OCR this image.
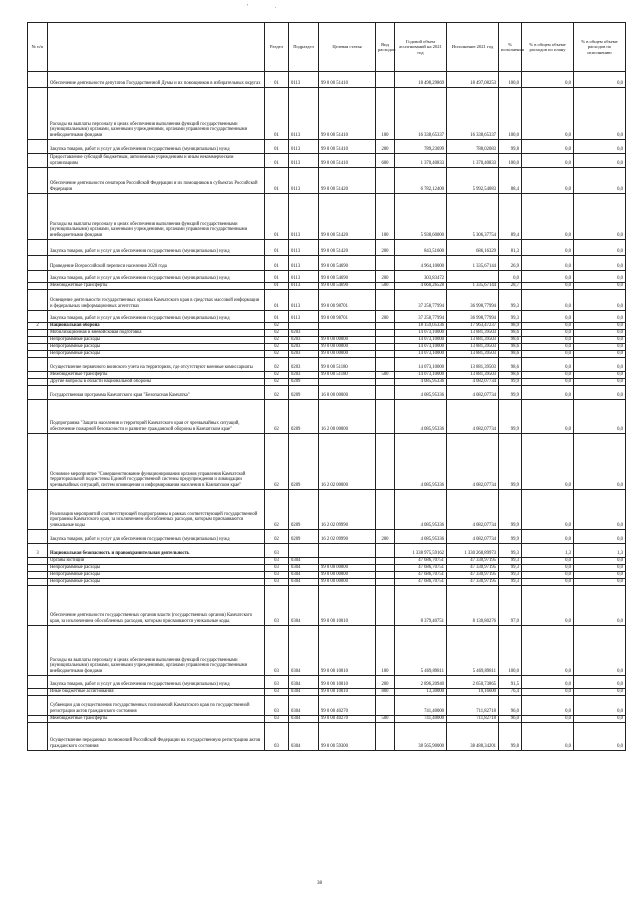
'	.
№ п/п		Раздел	Подраздел	Целевая статья	Вид расходов	Годовой объем ассигнований на 2021 год	Исполнение 2021 год	% исполнения	% в общем объеме расходов по плану	% в общем объеме расходов по исполнению
	Обеспечение деятельности депутатов Государственной Думы и их помощников в избирательных округах	01	0113	99 0 00 51410		18 498,29869	18 497,08253	100,0	0,0	0,0
	Расходы на выплаты персоналу в целях обеспечения выполнения функций государственными (муниципальными) органами, казенными учреждениями, органами управления государственными внебюджетными фондами	01	0113	99 0 00 51410	100	16 338,65337	16 338,65337	100,0	0,0	0,0
	Закупка товаров, работ и услуг для обеспечения государственных (муниципальных) нужд	01	0113	99 0 00 51410	200	789,23699	788,02083	99,8	0,0	0,0
	Предоставление субсидий бюджетным, автономным учреждениям и иным некоммерческим организациям	01	0113	99 0 00 51410	600	1 370,40833	1 370,40833	100,0	0,0	0,0
	Обеспечение деятельности сенаторов Российской Федерации и их помощников в субъектах Российской Федерации	01	0113	99 0 00 51420		6 782,12400	5 992,54083	88,4	0,0	0,0
	Расходы на выплаты персоналу в целях обеспечения выполнения функций государственными (муниципальными) органами, казенными учреждениями, органами управления государственными внебюджетными фондами	01	0113	99 0 00 51420	100	5 938,60000	5 306,37754	89,4	0,0	0,0
	Закупка товаров, работ и услуг для обеспечения государственных (муниципальных) нужд	01	0113	99 0 00 51420	200	843,51600	686,16329	81,3	0,0	0,0
	Проведение Всероссийской переписи населения 2020 года	01	0113	99 0 00 54690		4 964,10000	1 335,67144	26,9	0,0	0,0
	Закупка товаров, работ и услуг для обеспечения государственных (муниципальных) нужд	01	0113	99 0 00 54690	200	303,83472		0,0	0,0	0,0
	Межбюджетные трансферты	01	0113	99 0 00 54690	500	4 660,26528	1 335,67144	28,7	0,0	0,0
	Освещение деятельности государственных органов Камчатского края в средствах массовой информации и федеральных информационных агентствах	01	0113	99 0 00 98701		37 258,77994	36 998,77994	99,3	0,0	0,0
	Закупка товаров, работ и услуг для обеспечения государственных (муниципальных) нужд	01	0113	99 0 00 98701	200	37 258,77994	36 998,77994	99,3	0,0	0,0
2	Национальная оборона	02				18 159,05336	17 963,47237	98,9	0,0	0,0
	Мобилизационная и вневойсковая подготовка	02	0203			14 073,10000	13 881,39503	98,6	0,0	0,0
	Непрограммные расходы	02	0203	99 0 00 00000		14 073,10000	13 881,39503	98,6	0,0	0,0
	Непрограммные расходы	02	0203	99 0 00 00000		14 073,10000	13 881,39503	98,6	0,0	0,0
	Непрограммные расходы	02	0203	99 0 00 00000		14 073,10000	13 881,39503	98,6	0,0	0,0
	Осуществление первичного воинского учета на территориях, где отсутствуют военные комиссариаты	02	0203	99 0 00 51180		14 073,10000	13 881,39503	98,6	0,0	0,0
	Межбюджетные трансферты	02	0203	99 0 00 51180	500	14 073,10000	13 881,39503	98,6	0,0	0,0
	Другие вопросы в области национальной обороны	02	0209			4 085,95336	4 082,07734	99,9	0,0	0,0
	Государственная программа Камчатского края "Безопасная Камчатка"	02	0209	16 0 00 00000		4 085,95336	4 082,07734	99,9	0,0	0,0
	Подпрограмма "Защита населения и территорий Камчатского края от чрезвычайных ситуаций, обеспечение пожарной безопасности и развитие гражданской обороны в Камчатском крае"	02	0209	16 2 00 00000		4 085,95336	4 082,07734	99,9	0,0	0,0
	Основное мероприятие "Совершенствование функционирования органов управления Камчатской территориальной подсистемы Единой государственной системы предупреждения и ликвидации чрезвычайных ситуаций, систем оповещения и информирования населения в Камчатском крае"	02	0209	16 2 02 00000		4 085,95336	4 082,07734	99,9	0,0	0,0
	Реализация мероприятий соответствующей подпрограммы в рамках соответствующей государственной программы Камчатского края, за исключением обособленных расходов, которым присваиваются уникальные коды	02	0209	16 2 02 09990		4 085,95336	4 082,07734	99,9	0,0	0,0
	Закупка товаров, работ и услуг для обеспечения государственных (муниципальных) нужд	02	0209	16 2 02 09990	200	4 085,95336	4 082,07734	99,9	0,0	0,0
3	Национальная безопасность и правоохранительная деятельность	03				1 338 975,59162	1 330 268,89973	99,3	1,3	1,3
	Органы юстиции	03	0304			47 686,70751	47 330,97195	99,3	0,0	0,0
	Непрограммные расходы	03	0304	99 0 00 00000		47 686,70751	47 330,97195	99,3	0,0	0,0
	Непрограммные расходы	03	0304	99 0 00 00000		47 686,70751	47 330,97195	99,3	0,0	0,0
	Непрограммные расходы	03	0304	99 0 00 00000		47 686,70751	47 330,97195	99,3	0,0	0,0
	Обеспечение деятельности государственных органов власти (государственных органов) Камчатского края, за исключением обособленных расходов, которым присваиваются уникальные коды.	03	0304	99 0 00 10010		8 379,40751	8 130,80276	97,0	0,0	0,0
	Расходы на выплаты персоналу в целях обеспечения выполнения функций государственными (муниципальными) органами, казенными учреждениями, органами управления государственными внебюджетными фондами	03	0304	99 0 00 10010	100	5 469,89811	5 469,89811	100,0	0,0	0,0
	Закупка товаров, работ и услуг для обеспечения государственных (муниципальных) нужд	03	0304	99 0 00 10010	200	2 896,20940	2 650,73865	91,5	0,0	0,0
	Иные бюджетные ассигнования	03	0304	99 0 00 10010	800	13,30000	10,16600	76,4	0,0	0,0
	Субвенции для осуществления государственных полномочий Камчатского края по государственной регистрации актов гражданского состояния	03	0304	99 0 00 40270		741,40000	711,82718	96,0	0,0	0,0
	Межбюджетные трансферты	03	0304	99 0 00 40270	500	741,40000	711,82718	96,0	0,0	0,0
	Осуществление переданных полномочий Российской Федерации на государственную регистрацию актов гражданского состояния	03	0304	99 0 00 59300		38 565,90000	38 488,34201	99,8	0,0	0,0
38
